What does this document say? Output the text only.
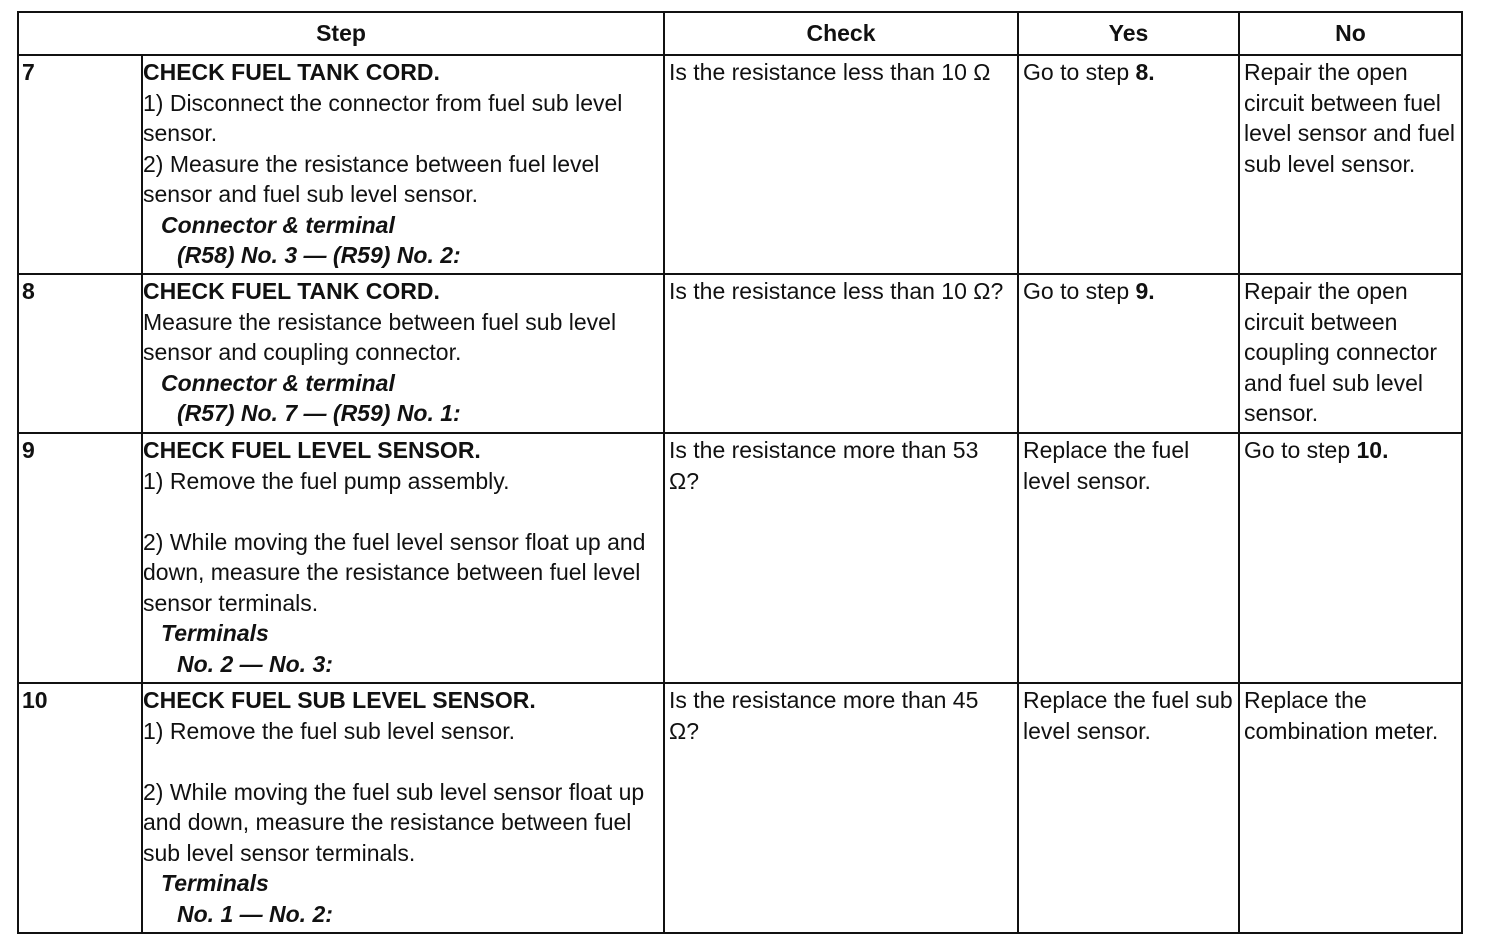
Step		Check	Yes	No
7	CHECK FUEL TANK CORD.
1) Disconnect the connector from fuel sub level sensor.
2) Measure the resistance between fuel level sensor and fuel sub level sensor.
Connector & terminal
(R58) No. 3 — (R59) No. 2:	Is the resistance less than 10 Ω	Go to step 8.	Repair the open circuit between fuel level sensor and fuel sub level sensor.
8	CHECK FUEL TANK CORD.
Measure the resistance between fuel sub level sensor and coupling connector.
Connector & terminal
(R57) No. 7 — (R59) No. 1:	Is the resistance less than 10 Ω?	Go to step 9.	Repair the open circuit between coupling connector and fuel sub level sensor.
9	CHECK FUEL LEVEL SENSOR.
1) Remove the fuel pump assembly.
2) While moving the fuel level sensor float up and down, measure the resistance between fuel level sensor terminals.
Terminals
No. 2 — No. 3:	Is the resistance more than 53 Ω?	Replace the fuel level sensor.	Go to step 10.
10	CHECK FUEL SUB LEVEL SENSOR.
1) Remove the fuel sub level sensor.
2) While moving the fuel sub level sensor float up and down, measure the resistance between fuel sub level sensor terminals.
Terminals
No. 1 — No. 2:	Is the resistance more than 45 Ω?	Replace the fuel sub level sensor.	Replace the combination meter.
